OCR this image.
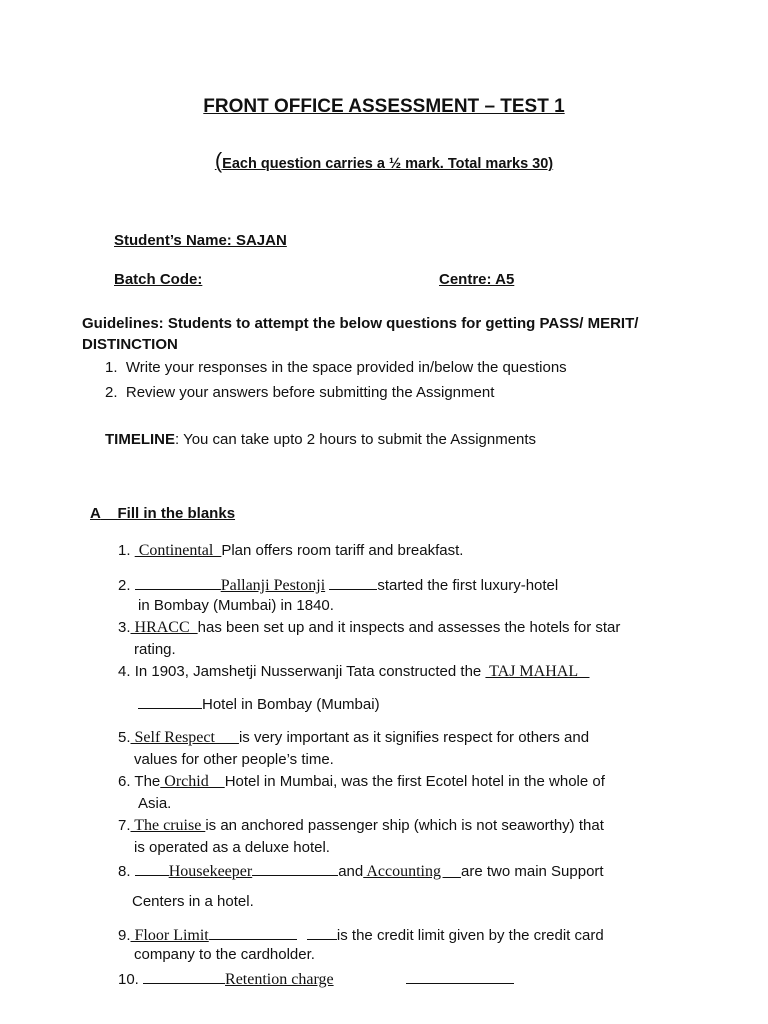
FRONT OFFICE ASSESSMENT – TEST 1
(Each question carries a ½ mark. Total marks 30)
Student’s Name: SAJAN
Batch Code:	Centre: A5
Guidelines: Students to attempt the below questions for getting PASS/ MERIT/
DISTINCTION
1. Write your responses in the space provided in/below the questions
2. Review your answers before submitting the Assignment
TIMELINE: You can take upto 2 hours to submit the Assignments
A Fill in the blanks
1.  Continental  Plan offers room tariff and breakfast.
2.	Pallanji Pestonji	started the first luxury-hotel
in Bombay (Mumbai) in 1840.
3. HRACC  has been set up and it inspects and assesses the hotels for star
rating.
4. In 1903, Jamshetji Nusserwanji Tata constructed the  TAJ MAHAL
Hotel in Bombay (Mumbai)
5. Self Respect      is very important as it signifies respect for others and
values for other people’s time.
6. The Orchid    Hotel in Mumbai, was the first Ecotel hotel in the whole of
Asia.
7. The cruise is an anchored passenger ship (which is not seaworthy) that
is operated as a deluxe hotel.
8. Housekeeper	and Accounting     are two main Support
Centers in a hotel.
9. Floor Limit	is the credit limit given by the credit card
company to the cardholder.
10.	Retention charge
